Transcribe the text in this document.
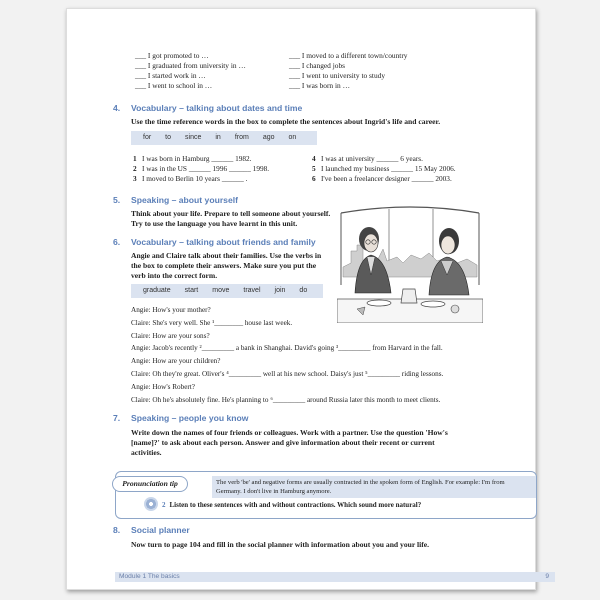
___ I got promoted to …
___ I graduated from university in …
___ I started work in …
___ I went to school in …
___ I moved to a different town/country
___ I changed jobs
___ I went to university to study
___ I was born in …
4. Vocabulary – talking about dates and time
Use the time reference words in the box to complete the sentences about Ingrid's life and career.
for to since in from ago on
1 I was born in Hamburg ______ 1982.
2 I was in the US ______ 1996 ______ 1998.
3 I moved to Berlin 10 years ______ .
4 I was at university ______ 6 years.
5 I launched my business ______ 15 May 2006.
6 I've been a freelancer designer ______ 2003.
5. Speaking – about yourself
Think about your life. Prepare to tell someone about yourself.
Try to use the language you have learnt in this unit.
6. Vocabulary – talking about friends and family
Angie and Claire talk about their families. Use the verbs in
the box to complete their answers. Make sure you put the
verb into the correct form.
graduate start move travel join do
Angie: How's your mother?
Claire: She's very well. She ¹________ house last week.
Claire: How are your sons?
Angie: Jacob's recently ²_________ a bank in Shanghai. David's going ³_________ from Harvard in the fall.
Angie: How are your children?
Claire: Oh they're great. Oliver's ⁴_________ well at his new school. Daisy's just ⁵_________ riding lessons.
Angie: How's Robert?
Claire: Oh he's absolutely fine. He's planning to ⁶_________ around Russia later this month to meet clients.
7. Speaking – people you know
Write down the names of four friends or colleagues. Work with a partner. Use the question 'How's
[name]?' to ask about each person. Answer and give information about their recent or current
activities.
Pronunciation tip	The verb 'be' and negative forms are usually contracted in the spoken form of English. For example: I'm from Germany. I don't live in Hamburg anymore.
2 Listen to these sentences with and without contractions. Which sound more natural?
8. Social planner
Now turn to page 104 and fill in the social planner with information about you and your life.
Module 1 The basics	9
